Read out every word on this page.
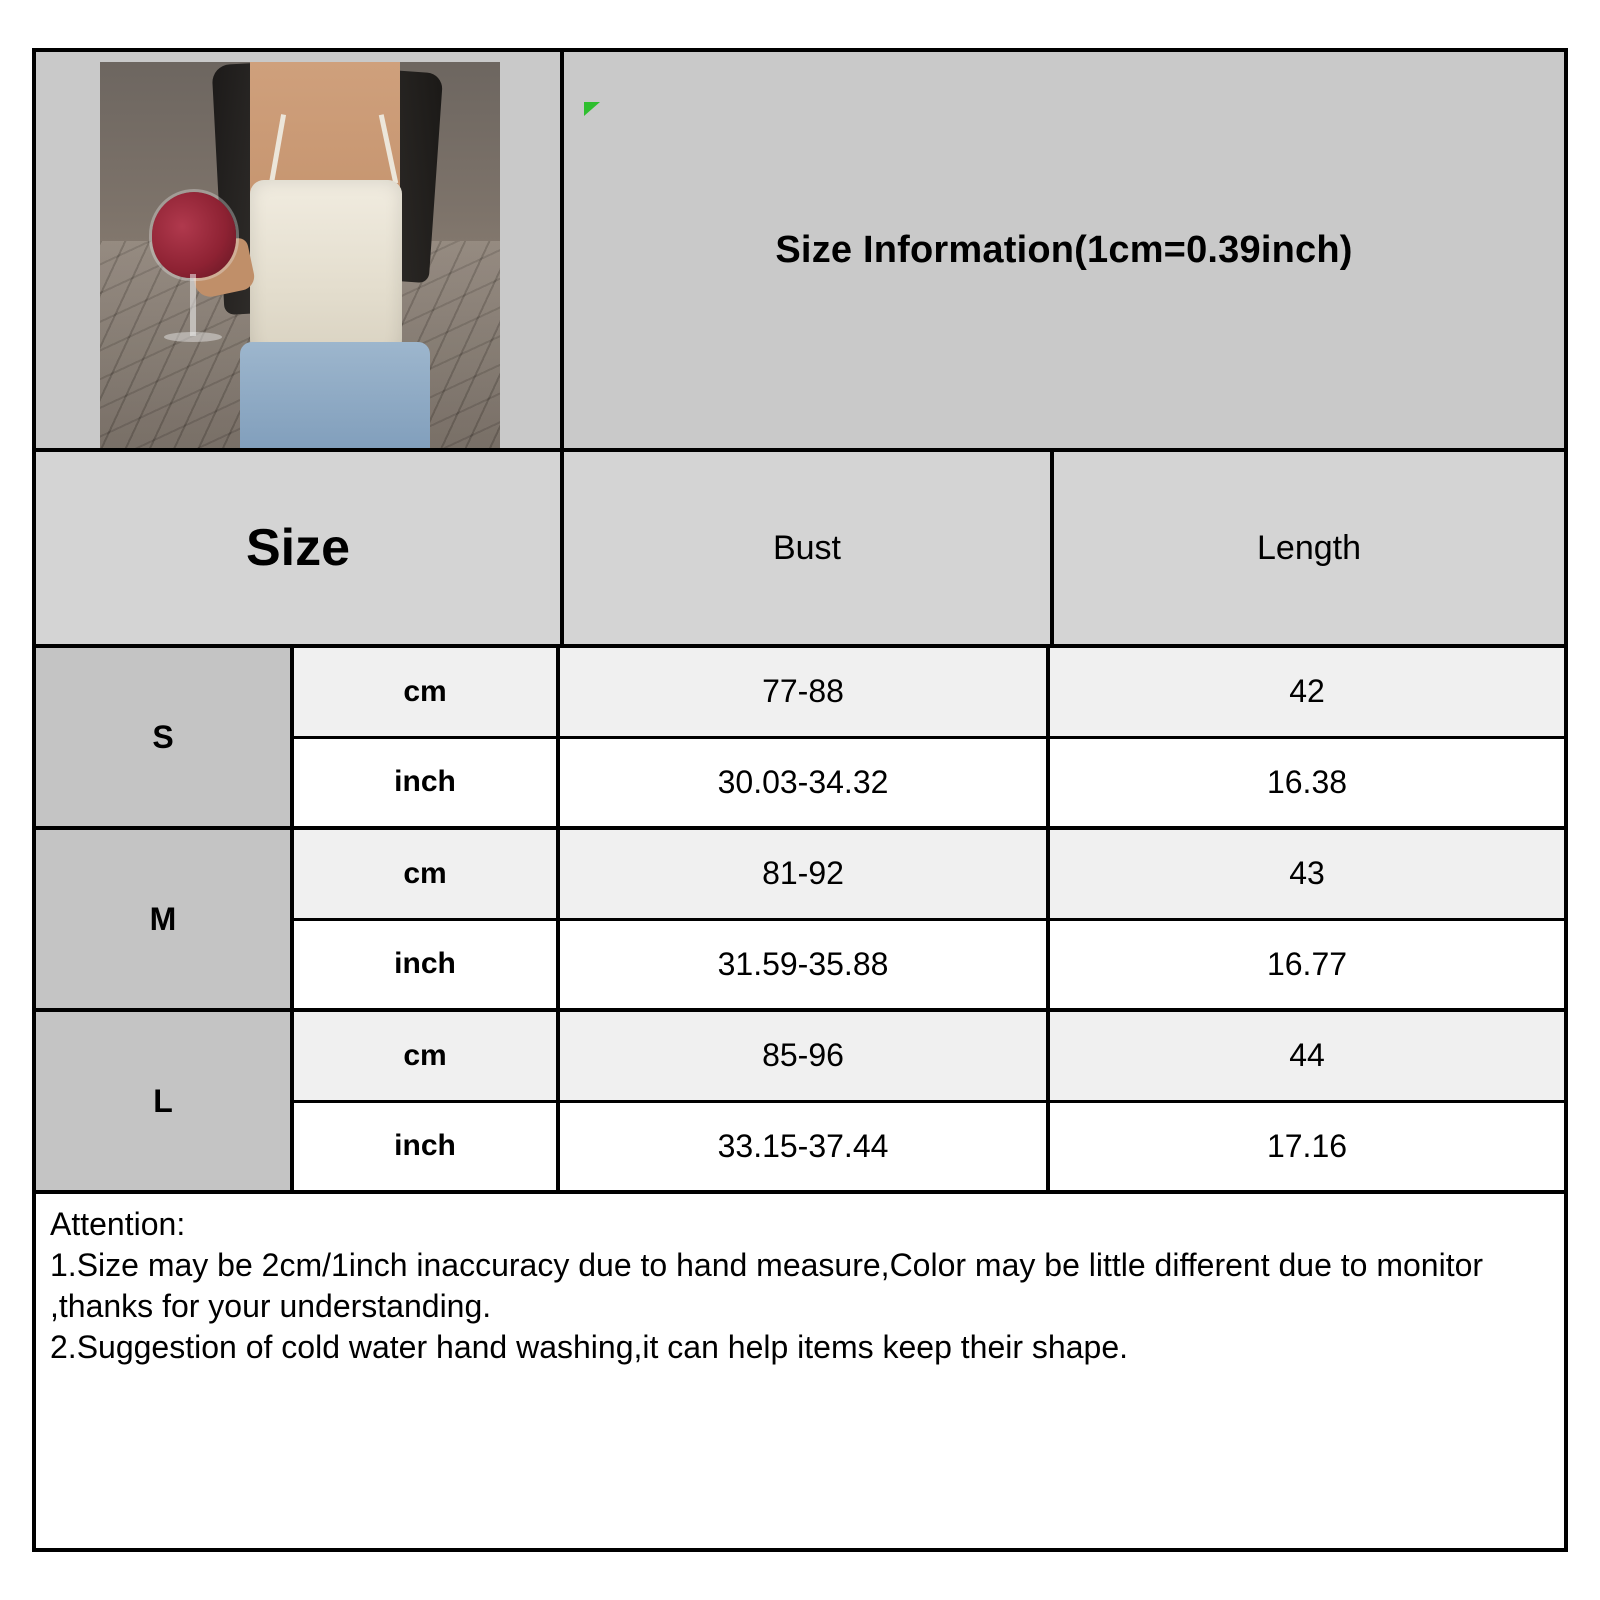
Size Information(1cm=0.39inch)
Size	Bust	Length
S
cm	77-88	42
inch	30.03-34.32	16.38
M
cm	81-92	43
inch	31.59-35.88	16.77
L
cm	85-96	44
inch	33.15-37.44	17.16
Attention:
1.Size may be 2cm/1inch inaccuracy due to hand measure,Color may be little different due to monitor ,thanks for your understanding.
2.Suggestion of cold water hand washing,it can help items keep their shape.
